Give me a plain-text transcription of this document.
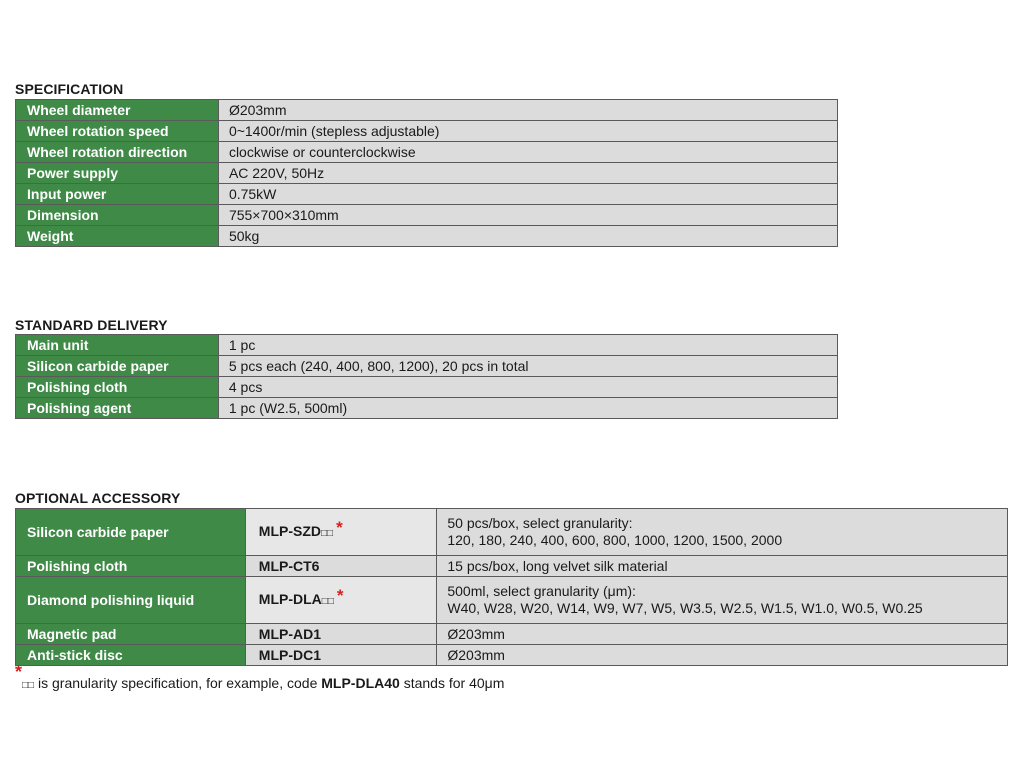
SPECIFICATION
Wheel diameter	Ø203mm
Wheel rotation speed	0~1400r/min (stepless adjustable)
Wheel rotation direction	clockwise or counterclockwise
Power supply	AC 220V, 50Hz
Input power	0.75kW
Dimension	755×700×310mm
Weight	50kg
STANDARD DELIVERY
Main unit	1 pc
Silicon carbide paper	5 pcs each (240, 400, 800, 1200), 20 pcs in total
Polishing cloth	4 pcs
Polishing agent	1 pc (W2.5, 500ml)
OPTIONAL ACCESSORY
Silicon carbide paper	MLP-SZD□□ *	50 pcs/box, select granularity:
120, 180, 240, 400, 600, 800, 1000, 1200, 1500, 2000

Polishing cloth	MLP-CT6	15 pcs/box, long velvet silk material
Diamond polishing liquid	MLP-DLA□□ *	500ml, select granularity (μm):
W40, W28, W20, W14, W9, W7, W5, W3.5, W2.5, W1.5, W1.0, W0.5, W0.25

Magnetic pad	MLP-AD1	Ø203mm
Anti-stick disc	MLP-DC1	Ø203mm
*□□ is granularity specification, for example, code MLP-DLA40 stands for 40μm
